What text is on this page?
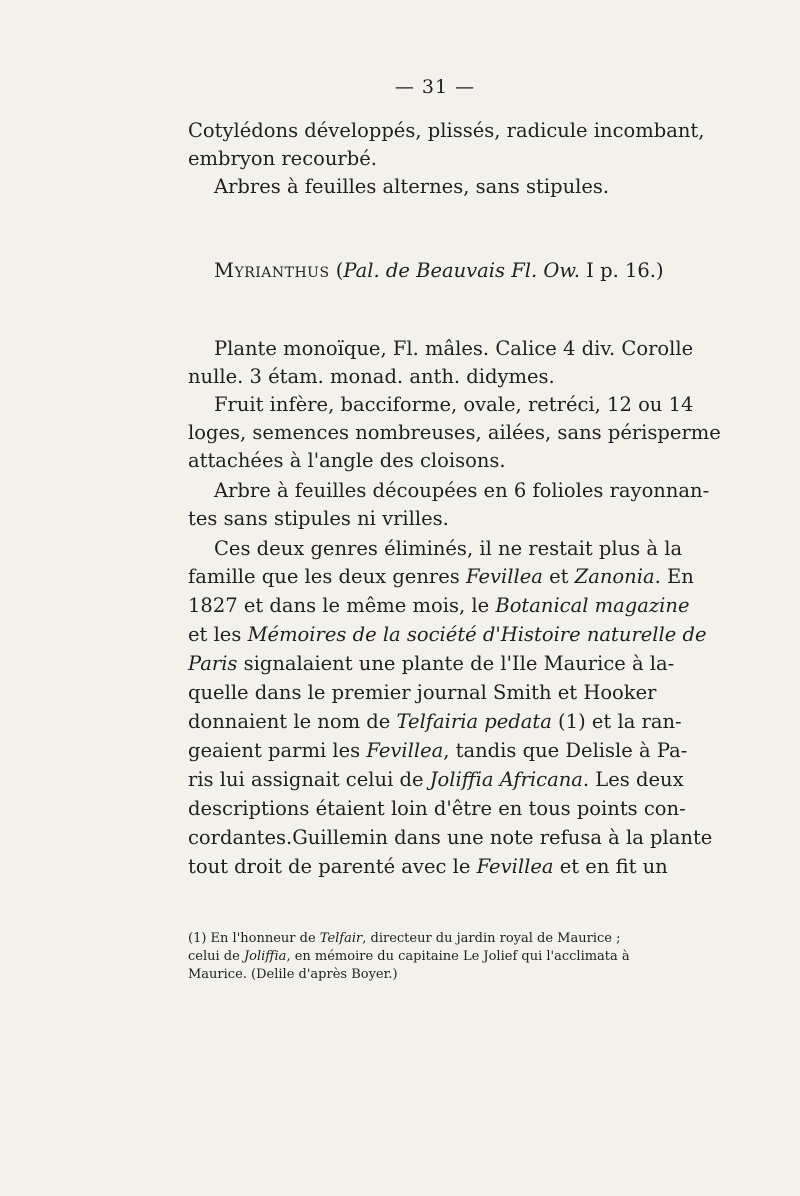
— 31 —
Cotylédons développés, plissés, radicule incombant,
embryon recourbé.
Arbres à feuilles alternes, sans stipules.
Myrianthus (Pal. de Beauvais Fl. Ow. I p. 16.)
Plante monoïque, Fl. mâles. Calice 4 div. Corolle
nulle. 3 étam. monad. anth. didymes.
Fruit infère, bacciforme, ovale, retréci, 12 ou 14
loges, semences nombreuses, ailées, sans périsperme
attachées à l'angle des cloisons.
Arbre à feuilles découpées en 6 folioles rayonnan-
tes sans stipules ni vrilles.
Ces deux genres éliminés, il ne restait plus à la
famille que les deux genres Fevillea et Zanonia. En
1827 et dans le même mois, le Botanical magazine
et les Mémoires de la société d'Histoire naturelle de
Paris signalaient une plante de l'Ile Maurice à la-
quelle dans le premier journal Smith et Hooker
donnaient le nom de Telfairia pedata (1) et la ran-
geaient parmi les Fevillea, tandis que Delisle à Pa-
ris lui assignait celui de Joliffia Africana. Les deux
descriptions étaient loin d'être en tous points con-
cordantes.Guillemin dans une note refusa à la plante
tout droit de parenté avec le Fevillea et en fit un
(1) En l'honneur de Telfair, directeur du jardin royal de Maurice ;
celui de Joliffia, en mémoire du capitaine Le Jolief qui l'acclimata à
Maurice. (Delile d'après Boyer.)
